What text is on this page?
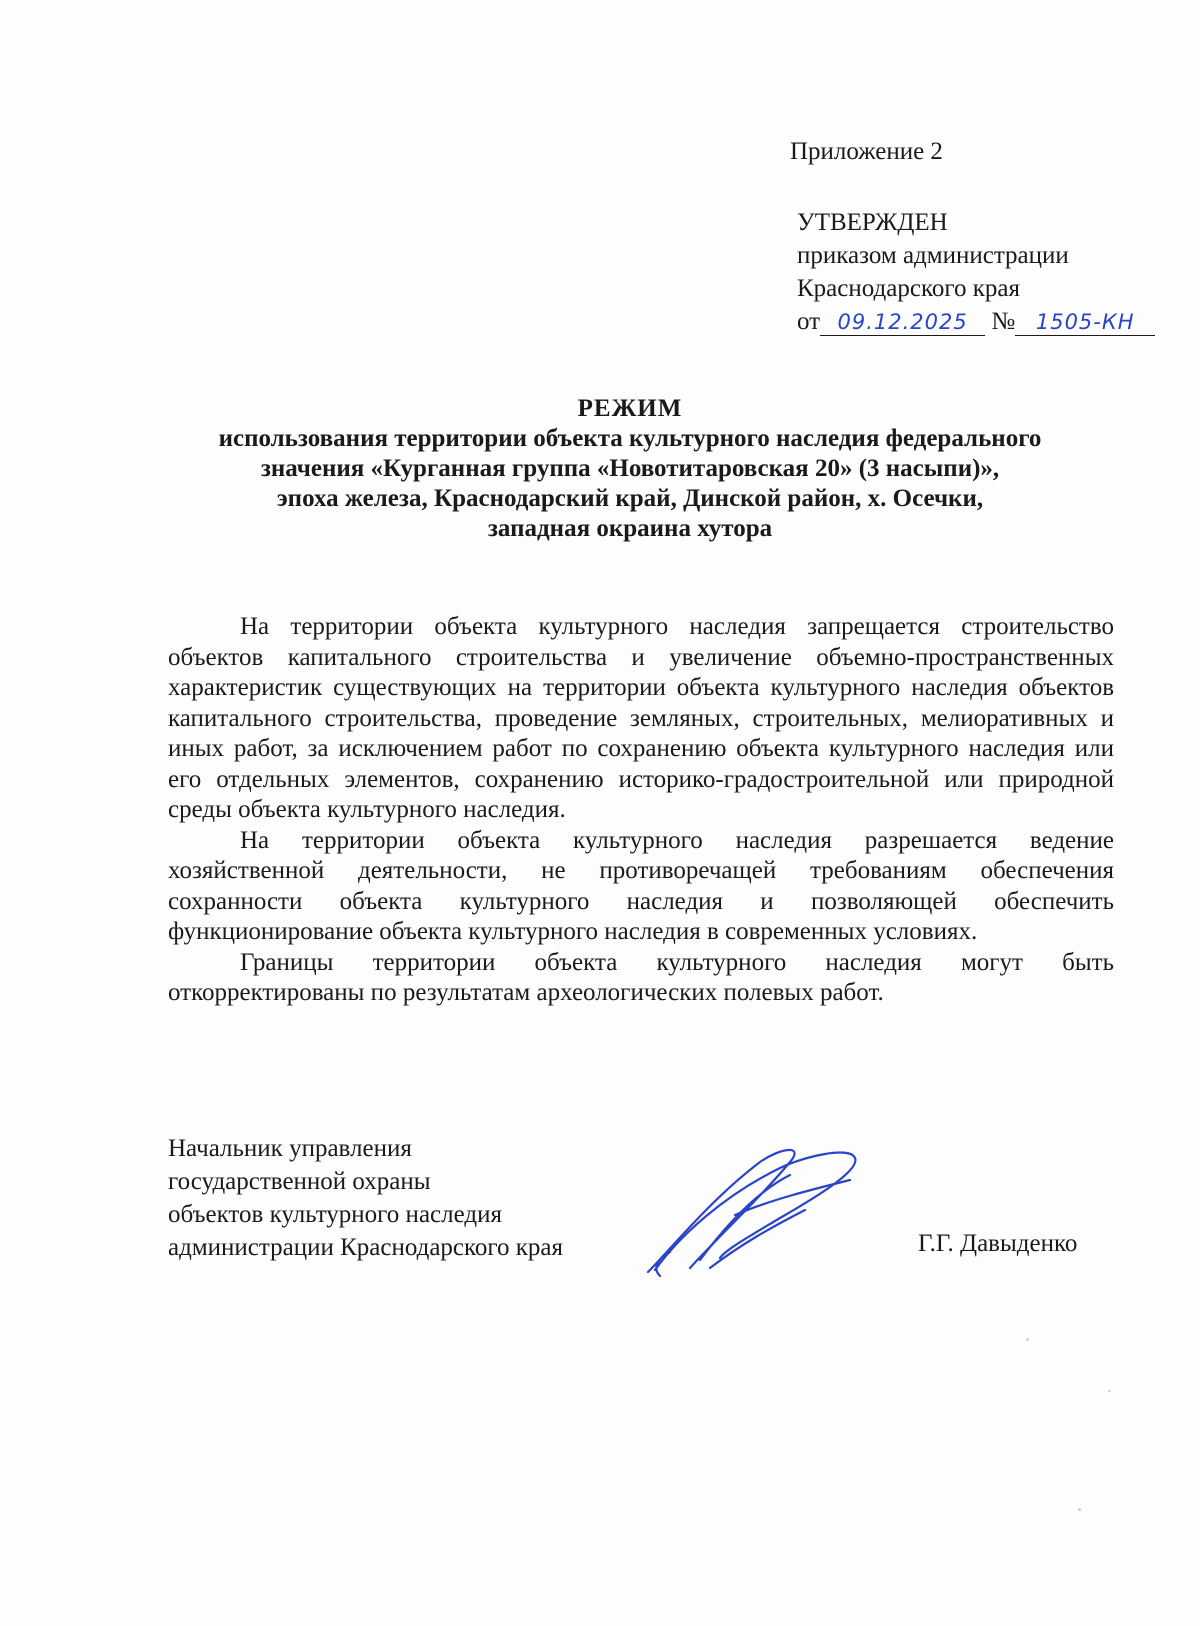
Приложение 2
УТВЕРЖДЕН
приказом администрации
Краснодарского края
от 09.12.2025 № 1505-КН
РЕЖИМ
использования территории объекта культурного наследия федерального
значения «Курганная группа «Новотитаровская 20» (3 насыпи)»,
эпоха железа, Краснодарский край, Динской район, х. Осечки,
западная окраина хутора

На территории объекта культурного наследия запрещается строительство объектов капитального строительства и увеличение объемно-пространственных характеристик существующих на территории объекта культурного наследия объектов капитального строительства, проведение земляных, строительных, мелиоративных и иных работ, за исключением работ по сохранению объекта культурного наследия или его отдельных элементов, сохранению историко-градостроительной или природной среды объекта культурного наследия.

На территории объекта культурного наследия разрешается ведение хозяйственной деятельности, не противоречащей требованиям обеспечения сохранности объекта культурного наследия и позволяющей обеспечить функционирование объекта культурного наследия в современных условиях.

Границы территории объекта культурного наследия могут быть откорректированы по результатам археологических полевых работ.

Начальник управления
государственной охраны
объектов культурного наследия
администрации Краснодарского края	Г.Г. Давыденко
